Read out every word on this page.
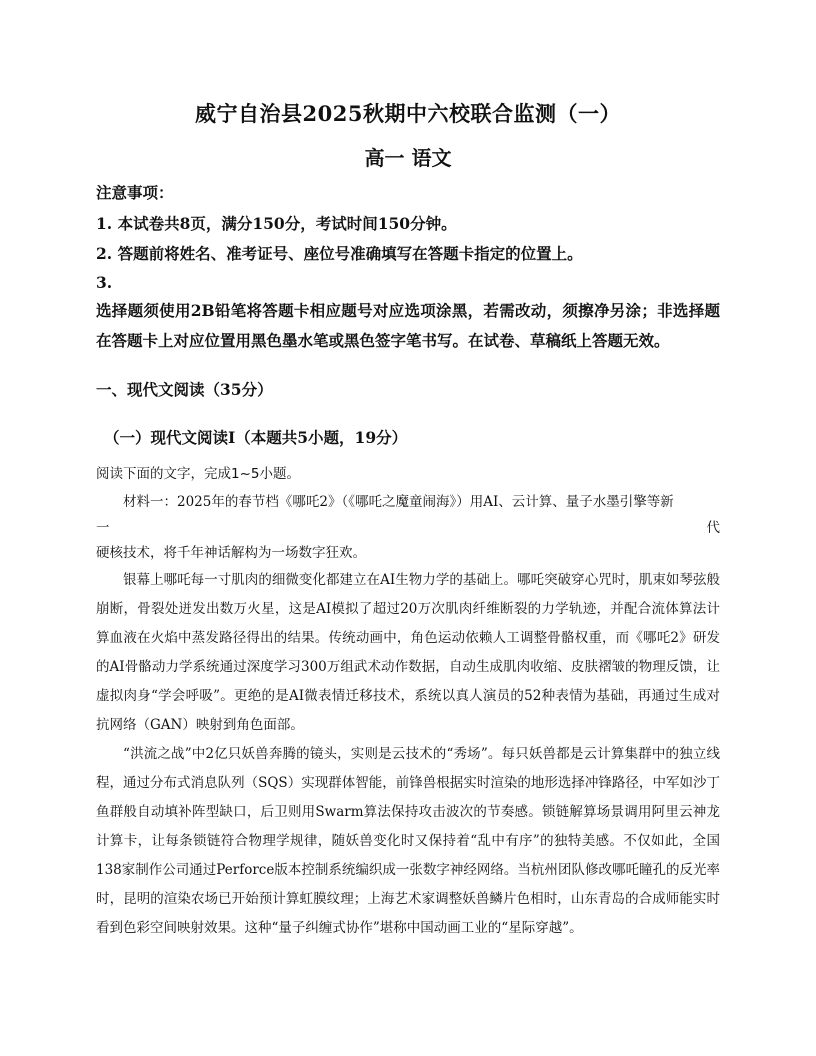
威宁自治县2025秋期中六校联合监测（一）
高一 语文
注意事项：
1. 本试卷共8页，满分150分，考试时间150分钟。
2. 答题前将姓名、准考证号、座位号准确填写在答题卡指定的位置上。
3.
选择题须使用2B铅笔将答题卡相应题号对应选项涂黑，若需改动，须擦净另涂；非选择题在答题卡上对应位置用黑色墨水笔或黑色签字笔书写。在试卷、草稿纸上答题无效。
一、现代文阅读（35分）
（一）现代文阅读Ⅰ（本题共5小题，19分）
阅读下面的文字，完成1~5小题。
材料一：2025年的春节档《哪吒2》（《哪吒之魔童闹海》）用AI、云计算、量子水墨引擎等新
一	代
硬核技术，将千年神话解构为一场数字狂欢。
银幕上哪吒每一寸肌肉的细微变化都建立在AI生物力学的基础上。哪吒突破穿心咒时，肌束如琴弦般崩断，骨裂处迸发出数万火星，这是AI模拟了超过20万次肌肉纤维断裂的力学轨迹，并配合流体算法计算血液在火焰中蒸发路径得出的结果。传统动画中，角色运动依赖人工调整骨骼权重，而《哪吒2》研发的AI骨骼动力学系统通过深度学习300万组武术动作数据，自动生成肌肉收缩、皮肤褶皱的物理反馈，让虚拟肉身“学会呼吸”。更绝的是AI微表情迁移技术，系统以真人演员的52种表情为基础，再通过生成对抗网络（GAN）映射到角色面部。
“洪流之战”中2亿只妖兽奔腾的镜头，实则是云技术的“秀场”。每只妖兽都是云计算集群中的独立线程，通过分布式消息队列（SQS）实现群体智能，前锋兽根据实时渲染的地形选择冲锋路径，中军如沙丁鱼群般自动填补阵型缺口，后卫则用Swarm算法保持攻击波次的节奏感。锁链解算场景调用阿里云神龙计算卡，让每条锁链符合物理学规律，随妖兽变化时又保持着“乱中有序”的独特美感。不仅如此，全国138家制作公司通过Perforce版本控制系统编织成一张数字神经网络。当杭州团队修改哪吒瞳孔的反光率时，昆明的渲染农场已开始预计算虹膜纹理；上海艺术家调整妖兽鳞片色相时，山东青岛的合成师能实时看到色彩空间映射效果。这种“量子纠缠式协作”堪称中国动画工业的“星际穿越”。
